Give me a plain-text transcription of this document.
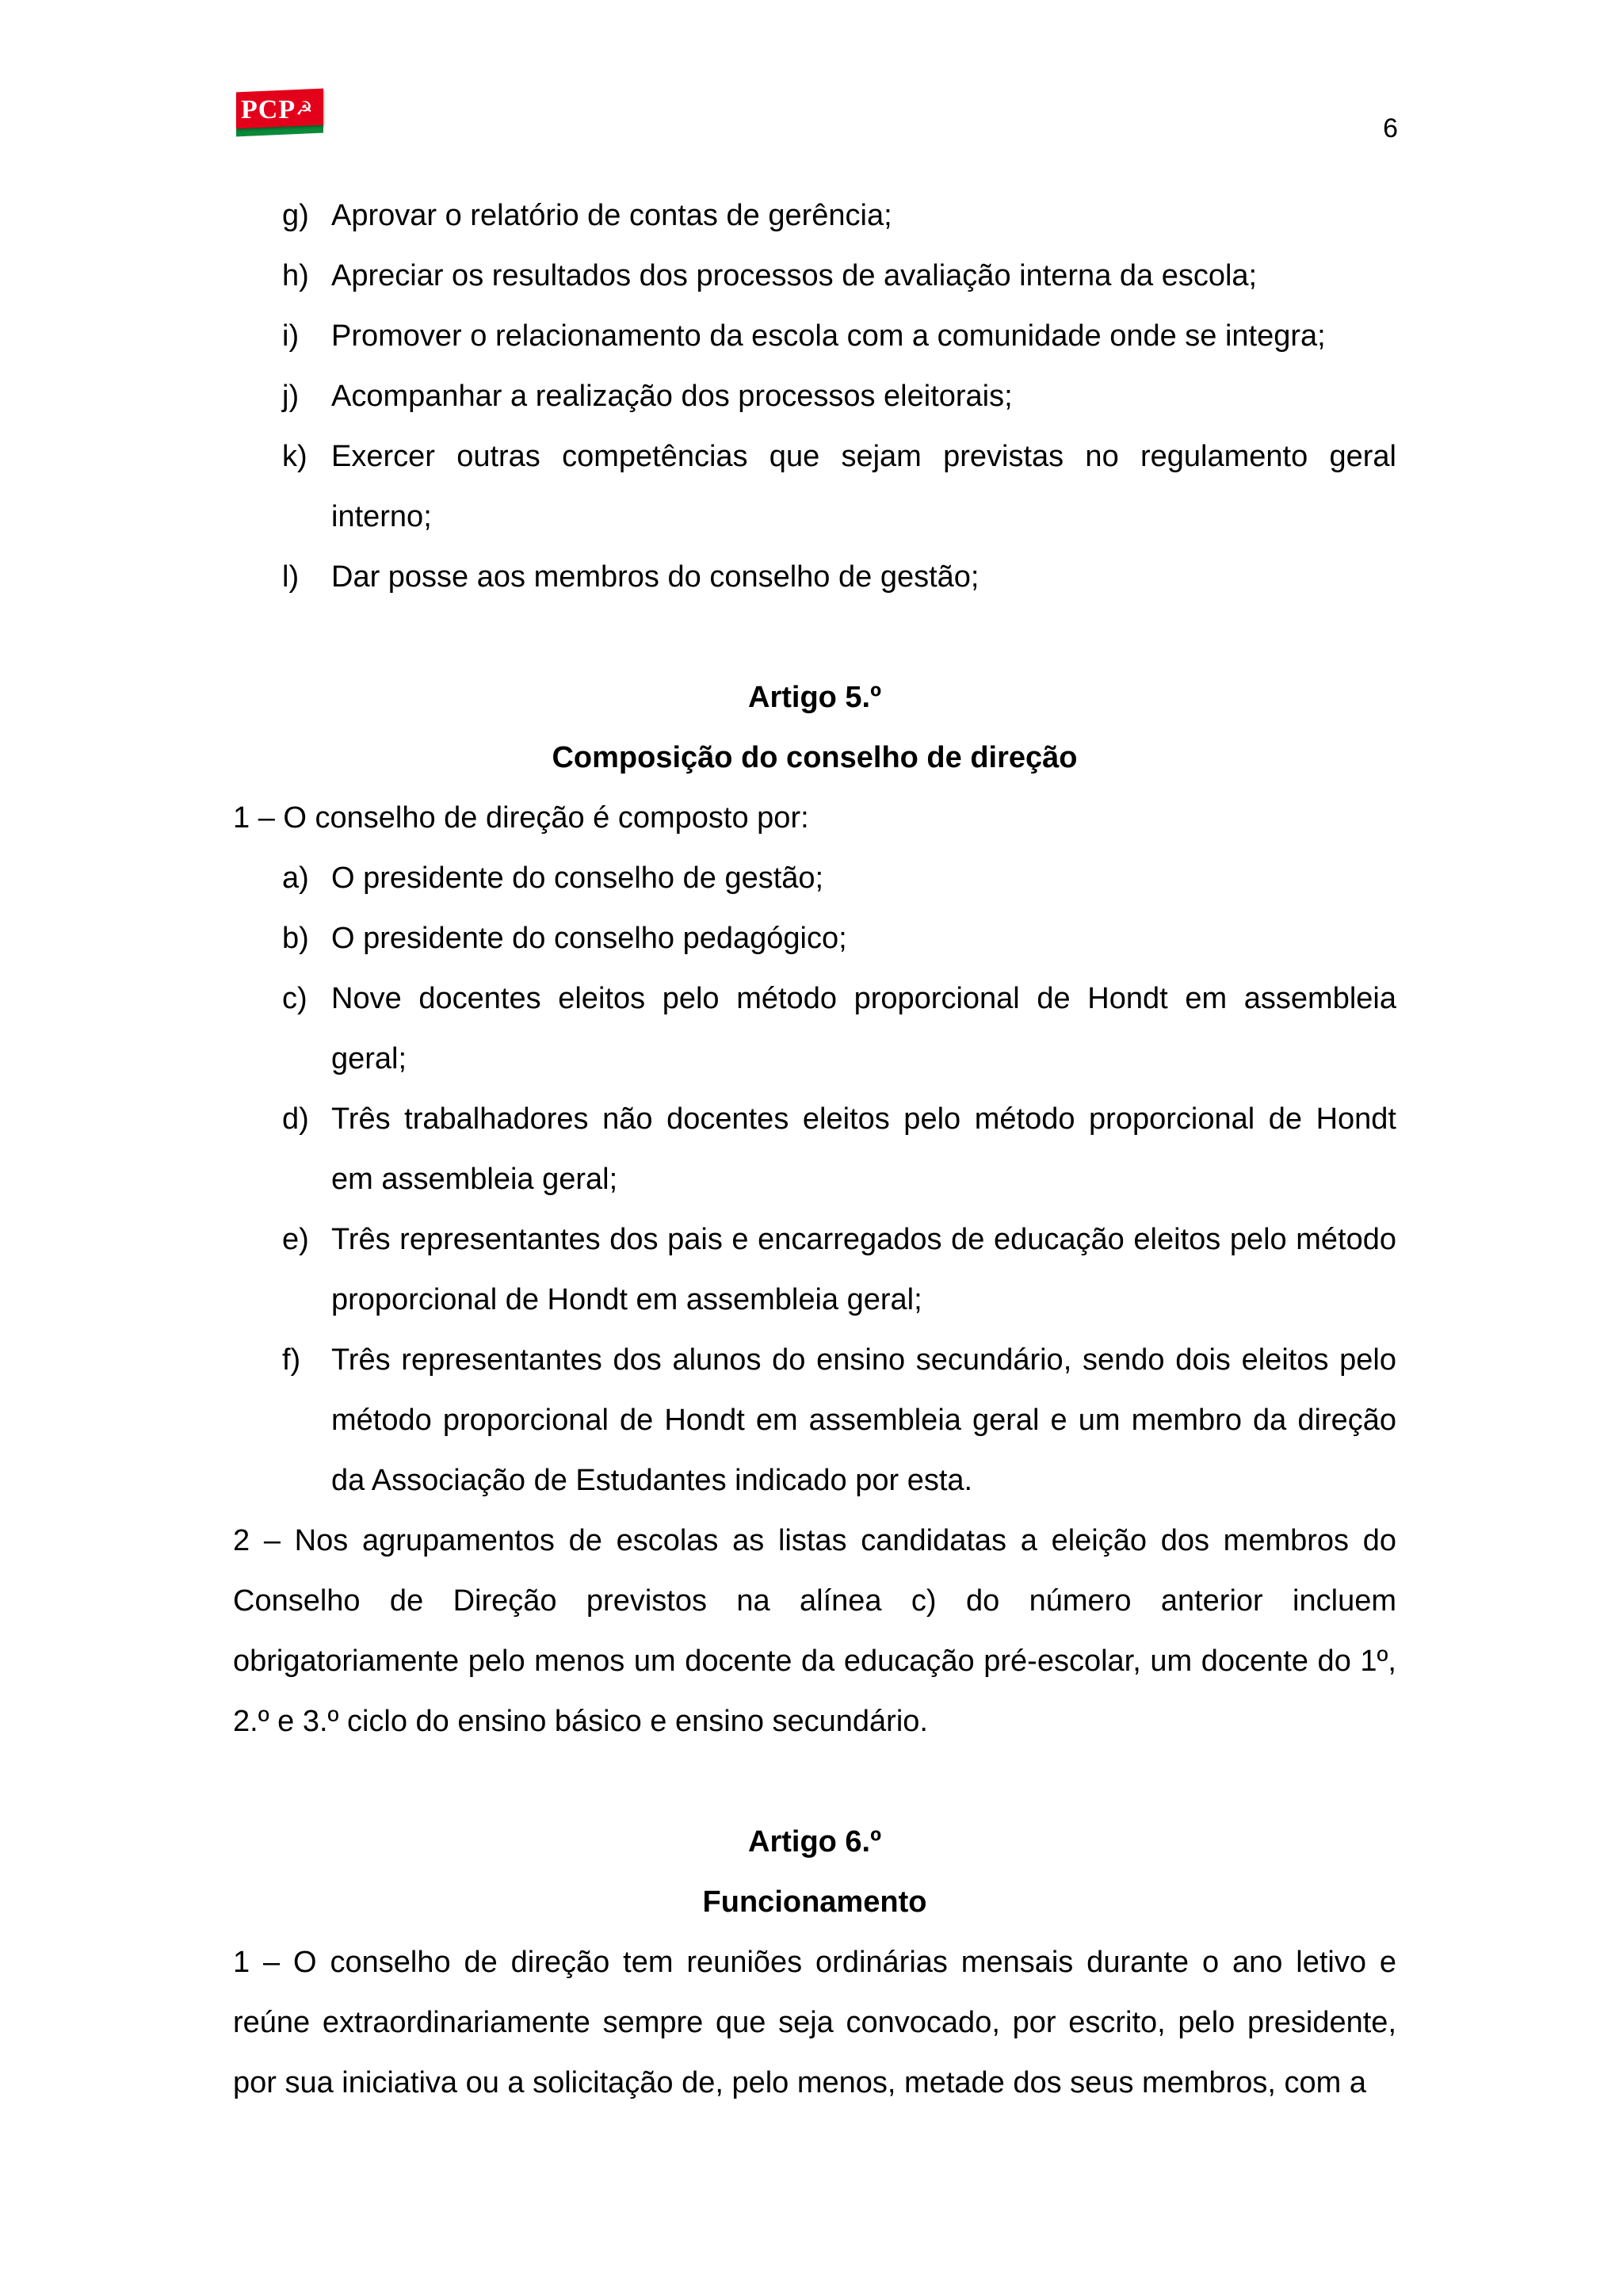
PCP☭
6
g) Aprovar o relatório de contas de gerência;
h) Apreciar os resultados dos processos de avaliação interna da escola;
i) Promover o relacionamento da escola com a comunidade onde se integra;
j) Acompanhar a realização dos processos eleitorais;
k) Exercer outras competências que sejam previstas no regulamento geral interno;
l) Dar posse aos membros do conselho de gestão;
Artigo 5.º
Composição do conselho de direção
1 – O conselho de direção é composto por:
a) O presidente do conselho de gestão;
b) O presidente do conselho pedagógico;
c) Nove docentes eleitos pelo método proporcional de Hondt em assembleia geral;
d) Três trabalhadores não docentes eleitos pelo método proporcional de Hondt em assembleia geral;
e) Três representantes dos pais e encarregados de educação eleitos pelo método proporcional de Hondt em assembleia geral;
f) Três representantes dos alunos do ensino secundário, sendo dois eleitos pelo método proporcional de Hondt em assembleia geral e um membro da direção da Associação de Estudantes indicado por esta.
2 – Nos agrupamentos de escolas as listas candidatas a eleição dos membros do Conselho de Direção previstos na alínea c) do número anterior incluem obrigatoriamente pelo menos um docente da educação pré-escolar, um docente do 1º, 2.º e 3.º ciclo do ensino básico e ensino secundário.
Artigo 6.º
Funcionamento
1 – O conselho de direção tem reuniões ordinárias mensais durante o ano letivo e reúne extraordinariamente sempre que seja convocado, por escrito, pelo presidente, por sua iniciativa ou a solicitação de, pelo menos, metade dos seus membros, com a
